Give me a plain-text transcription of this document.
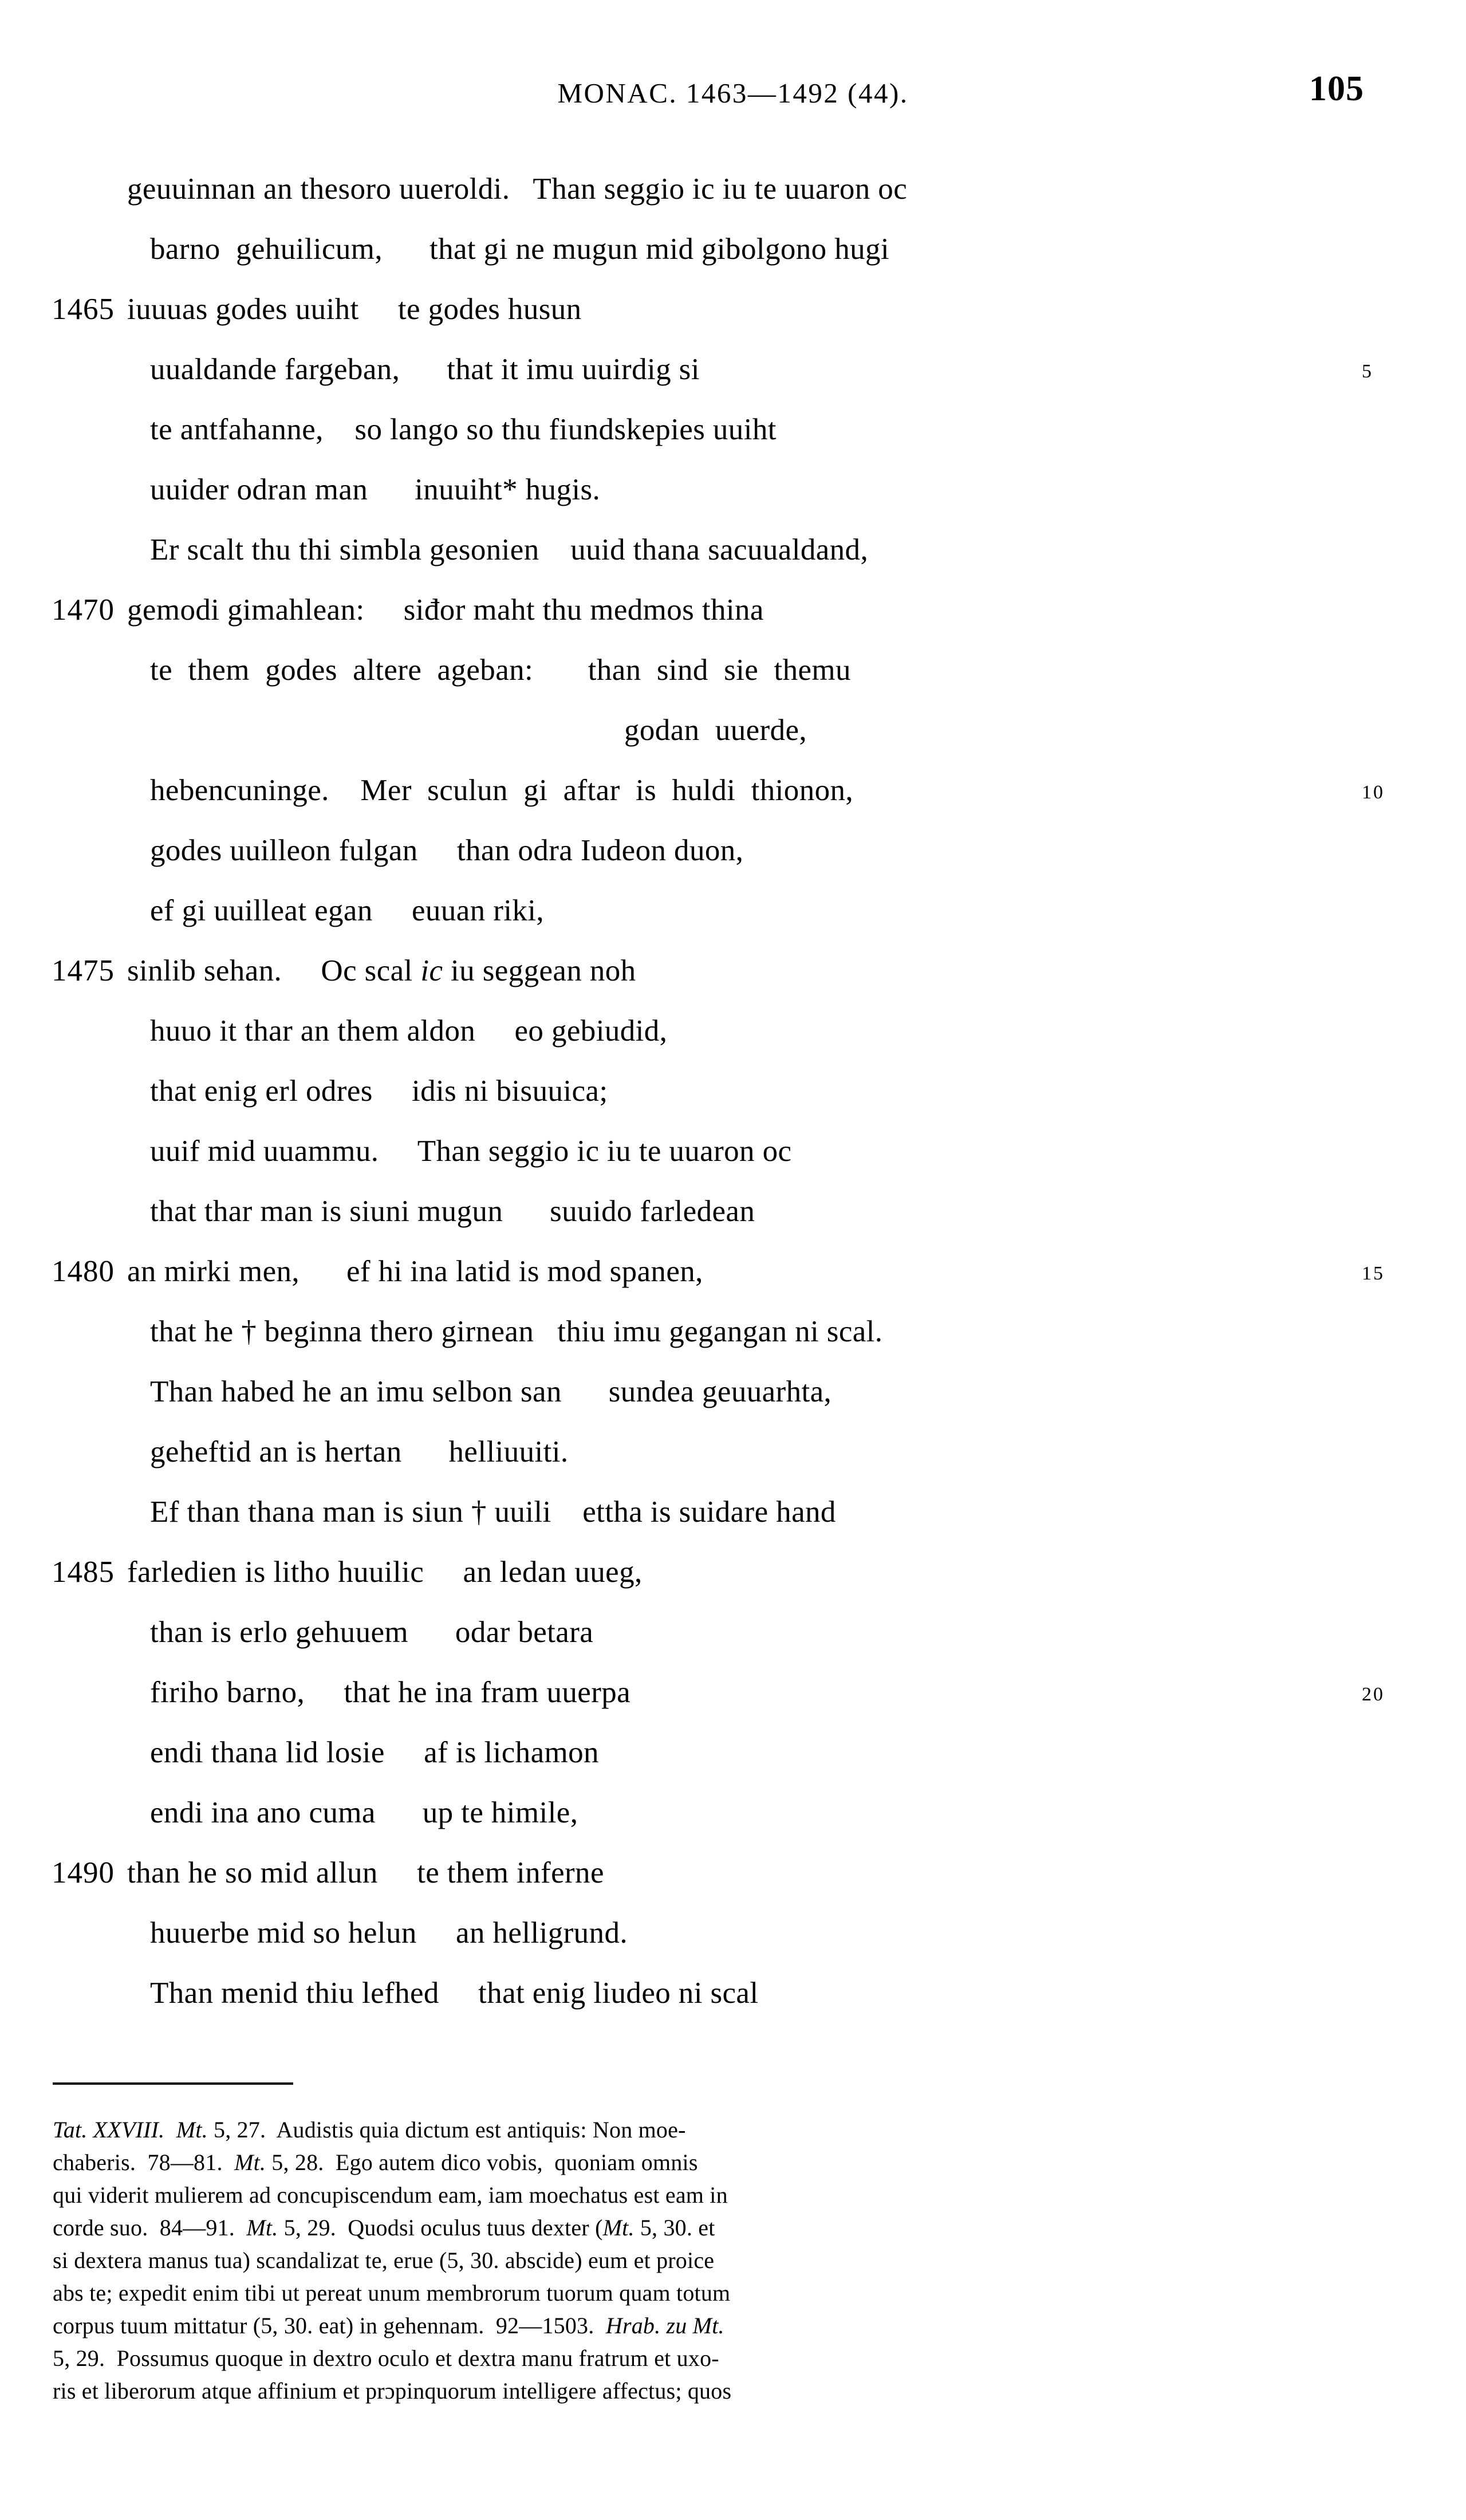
MONAC. 1463—1492 (44).	105
geuuinnan an thesoro uueroldi.   Than seggio ic iu te uuaron oc
barno  gehuilicum,      that gi ne mugun mid gibolgono hugi
1465 iuuuas godes uuiht     te godes husun
uualdande fargeban,      that it imu uuirdig si	5
te antfahanne,    so lango so thu fiundskepies uuiht
uuider odran man      inuuiht* hugis.
Er scalt thu thi simbla gesonien    uuid thana sacuualdand,
1470 gemodi gimahlean:     siđor maht thu medmos thina
te  them  godes  altere  ageban:       than  sind  sie  themu
godan  uuerde,
hebencuninge.    Mer  sculun  gi  aftar  is  huldi  thionon,	10
godes uuilleon fulgan     than odra Iudeon duon,
ef gi uuilleat egan     euuan riki,
1475 sinlib sehan.     Oc scal ic iu seggean noh
huuo it thar an them aldon     eo gebiudid,
that enig erl odres     idis ni bisuuica;
uuif mid uuammu.     Than seggio ic iu te uuaron oc
that thar man is siuni mugun      suuido farledean
1480 an mirki men,      ef hi ina latid is mod spanen,	15
that he † beginna thero girnean   thiu imu gegangan ni scal.
Than habed he an imu selbon san      sundea geuuarhta,
geheftid an is hertan      helliuuiti.
Ef than thana man is siun † uuili    ettha is suidare hand
1485 farledien is litho huuilic     an ledan uueg,
than is erlo gehuuem      odar betara
firiho barno,     that he ina fram uuerpa	20
endi thana lid losie     af is lichamon
endi ina ano cuma      up te himile,
1490 than he so mid allun     te them inferne
huuerbe mid so helun     an helligrund.
Than menid thiu lefhed     that enig liudeo ni scal
Tat. XXVIII. Mt. 5, 27.  Audistis quia dictum est antiquis: Non moe-
chaberis.  78—81.  Mt. 5, 28.  Ego autem dico vobis,  quoniam omnis
qui viderit mulierem ad concupiscendum eam, iam moechatus est eam in
corde suo.  84—91.  Mt. 5, 29.  Quodsi oculus tuus dexter (Mt. 5, 30. et
si dextera manus tua) scandalizat te, erue (5, 30. abscide) eum et proice
abs te; expedit enim tibi ut pereat unum membrorum tuorum quam totum
corpus tuum mittatur (5, 30. eat) in gehennam.  92—1503.  Hrab. zu Mt.
5, 29.  Possumus quoque in dextro oculo et dextra manu fratrum et uxo-
ris et liberorum atque affinium et prɔpinquorum intelligere affectus; quos
